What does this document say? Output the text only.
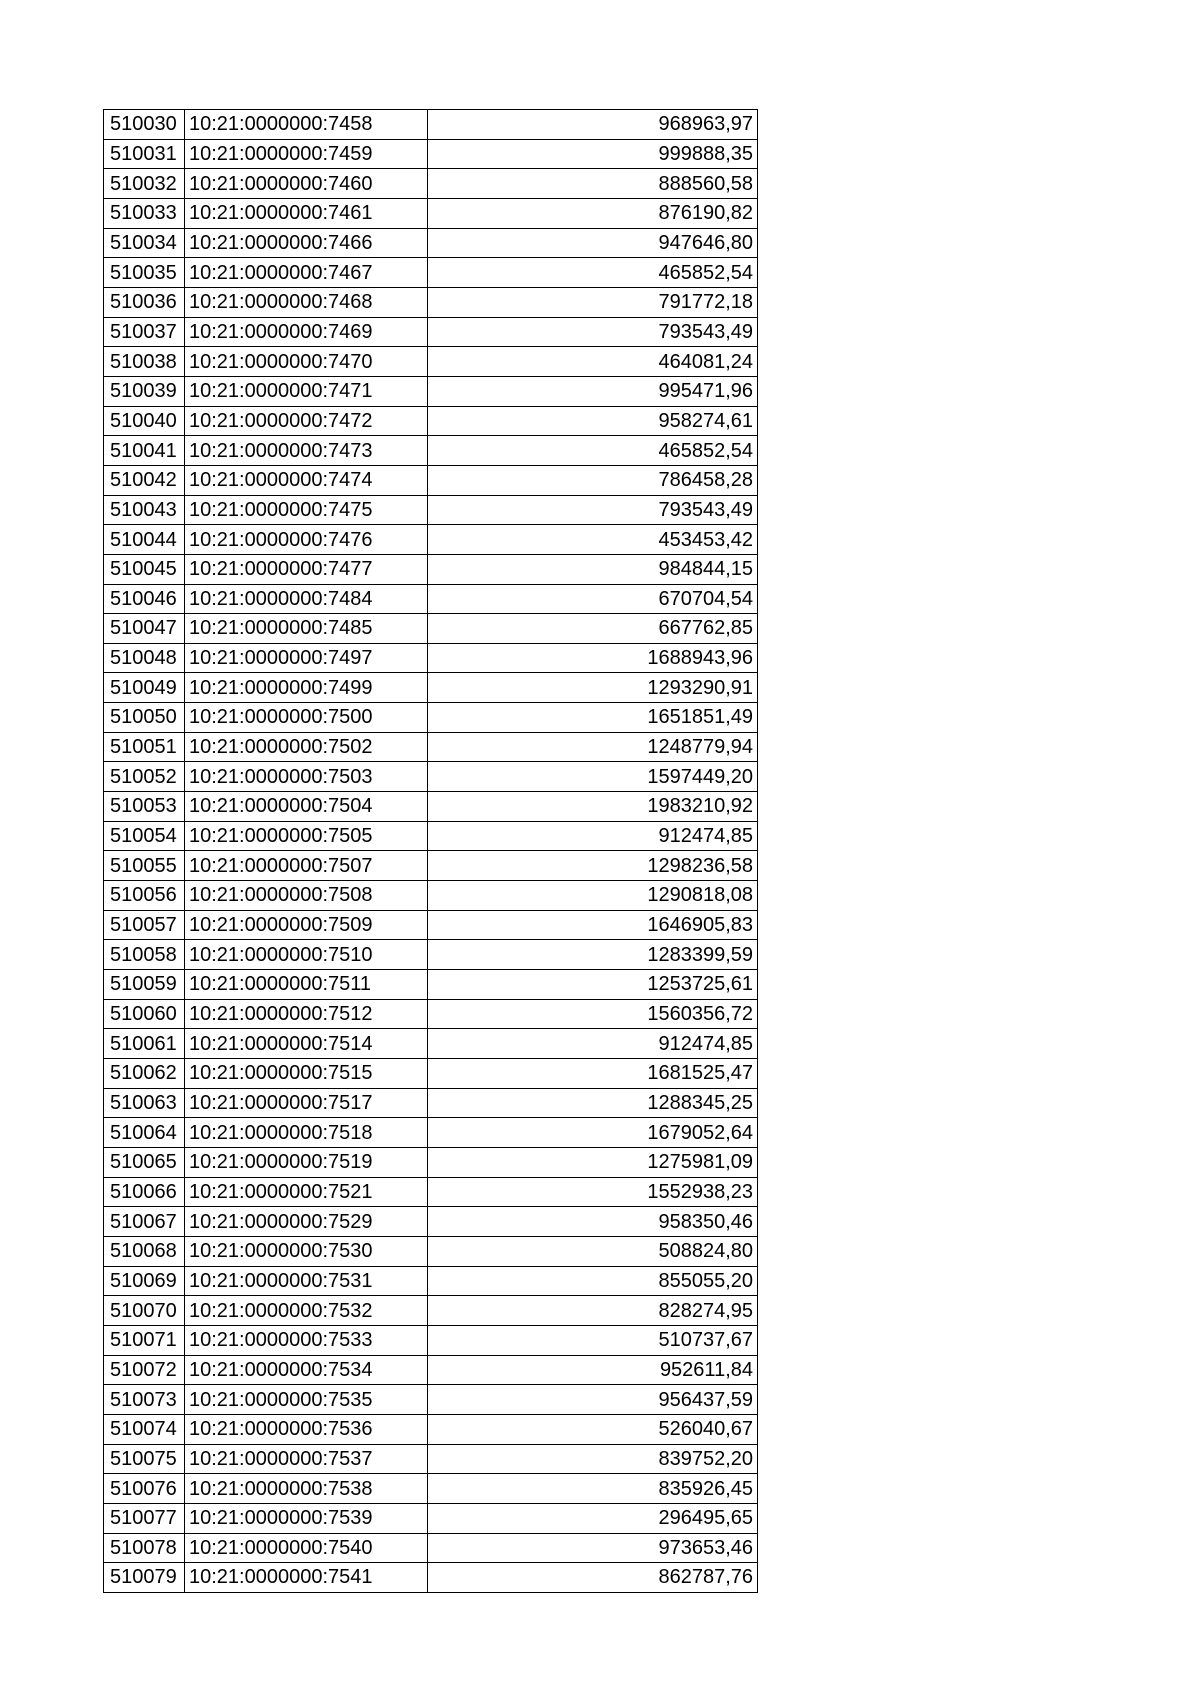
510030	10:21:0000000:7458	968963,97
510031	10:21:0000000:7459	999888,35
510032	10:21:0000000:7460	888560,58
510033	10:21:0000000:7461	876190,82
510034	10:21:0000000:7466	947646,80
510035	10:21:0000000:7467	465852,54
510036	10:21:0000000:7468	791772,18
510037	10:21:0000000:7469	793543,49
510038	10:21:0000000:7470	464081,24
510039	10:21:0000000:7471	995471,96
510040	10:21:0000000:7472	958274,61
510041	10:21:0000000:7473	465852,54
510042	10:21:0000000:7474	786458,28
510043	10:21:0000000:7475	793543,49
510044	10:21:0000000:7476	453453,42
510045	10:21:0000000:7477	984844,15
510046	10:21:0000000:7484	670704,54
510047	10:21:0000000:7485	667762,85
510048	10:21:0000000:7497	1688943,96
510049	10:21:0000000:7499	1293290,91
510050	10:21:0000000:7500	1651851,49
510051	10:21:0000000:7502	1248779,94
510052	10:21:0000000:7503	1597449,20
510053	10:21:0000000:7504	1983210,92
510054	10:21:0000000:7505	912474,85
510055	10:21:0000000:7507	1298236,58
510056	10:21:0000000:7508	1290818,08
510057	10:21:0000000:7509	1646905,83
510058	10:21:0000000:7510	1283399,59
510059	10:21:0000000:7511	1253725,61
510060	10:21:0000000:7512	1560356,72
510061	10:21:0000000:7514	912474,85
510062	10:21:0000000:7515	1681525,47
510063	10:21:0000000:7517	1288345,25
510064	10:21:0000000:7518	1679052,64
510065	10:21:0000000:7519	1275981,09
510066	10:21:0000000:7521	1552938,23
510067	10:21:0000000:7529	958350,46
510068	10:21:0000000:7530	508824,80
510069	10:21:0000000:7531	855055,20
510070	10:21:0000000:7532	828274,95
510071	10:21:0000000:7533	510737,67
510072	10:21:0000000:7534	952611,84
510073	10:21:0000000:7535	956437,59
510074	10:21:0000000:7536	526040,67
510075	10:21:0000000:7537	839752,20
510076	10:21:0000000:7538	835926,45
510077	10:21:0000000:7539	296495,65
510078	10:21:0000000:7540	973653,46
510079	10:21:0000000:7541	862787,76
